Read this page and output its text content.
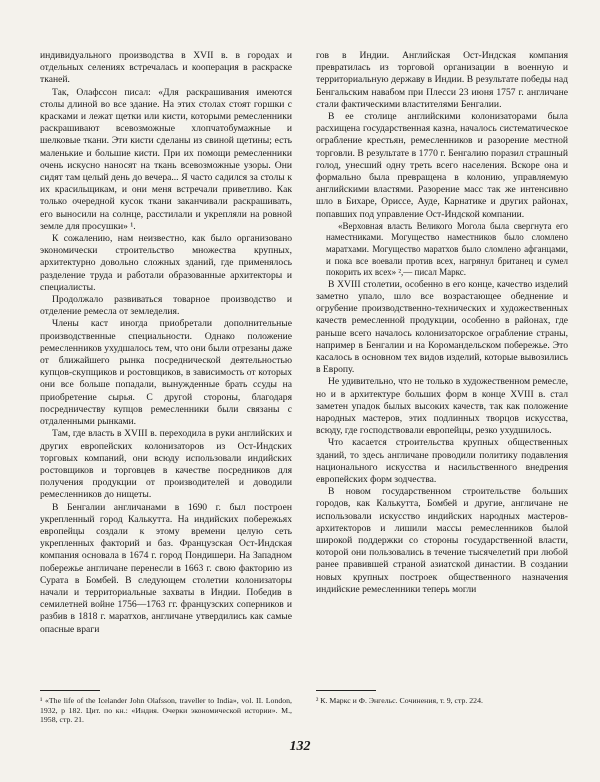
индивидуального производства в XVII в. в городах и отдельных селениях встречалась и кооперация в раскраске тканей.

Так, Олафссон писал: «Для раскрашивания имеются столы длиной во все здание. На этих столах стоят горшки с красками и лежат щетки или кисти, которыми ремесленники раскрашивают всевозможные хлопчатобумажные и шелковые ткани. Эти кисти сделаны из свиной щетины; есть маленькие и большие кисти. При их помощи ремесленники очень искусно наносят на ткань всевозможные узоры. Они сидят там целый день до вечера... Я часто садился за столы к их красильщикам, и они меня встречали приветливо. Как только очередной кусок ткани заканчивали раскрашивать, его выносили на солнце, расстилали и укрепляли на ровной земле для просушки» ¹.

К сожалению, нам неизвестно, как было организовано экономически строительство множества крупных, архитектурно довольно сложных зданий, где применялось разделение труда и работали образованные архитекторы и специалисты.

Продолжало развиваться товарное производство и отделение ремесла от земледелия.

Члены каст иногда приобретали дополнительные производственные специальности. Однако положение ремесленников ухудшалось тем, что они были отрезаны даже от ближайшего рынка посреднической деятельностью купцов-скупщиков и ростовщиков, в зависимость от которых они все больше попадали, вынужденные брать ссуды на приобретение сырья. С другой стороны, благодаря посредничеству купцов ремесленники были связаны с отдаленными рынками.

Там, где власть в XVIII в. переходила в руки английских и других европейских колонизаторов из Ост-Индских торговых компаний, они всюду использовали индийских ростовщиков и торговцев в качестве посредников для получения продукции от производителей и доводили ремесленников до нищеты.

В Бенгалии англичанами в 1690 г. был построен укрепленный город Калькутта. На индийских побережьях европейцы создали к этому времени целую сеть укрепленных факторий и баз. Французская Ост-Индская компания основала в 1674 г. город Пондишери. На Западном побережье англичане перенесли в 1663 г. свою факторию из Сурата в Бомбей. В следующем столетии колонизаторы начали и территориальные захваты в Индии. Победив в семилетней войне 1756—1763 гг. французских соперников и разбив в 1818 г. маратхов, англичане утвердились как самые опасные враги

гов в Индии. Английская Ост-Индская компания превратилась из торговой организации в военную и территориальную державу в Индии. В результате победы над Бенгальским навабом при Плесси 23 июня 1757 г. англичане стали фактическими властителями Бенгалии.

В ее столице английскими колонизаторами была расхищена государственная казна, началось систематическое ограбление крестьян, ремесленников и разорение местной торговли. В результате в 1770 г. Бенгалию поразил страшный голод, унесший одну треть всего населения. Вскоре она и формально была превращена в колонию, управляемую английскими властями. Разорение масс так же интенсивно шло в Бихаре, Ориссе, Ауде, Карнатике и других районах, попавших под управление Ост-Индской компании.

«Верховная власть Великого Могола была свергнута его наместниками. Могущество наместников было сломлено маратхами. Могущество маратхов было сломлено афганцами, и пока все воевали против всех, нагрянул британец и сумел покорить их всех» ²,— писал Маркс.

В XVIII столетии, особенно в его конце, качество изделий заметно упало, шло все возрастающее обеднение и огрубение производственно-технических и художественных качеств ремесленной продукции, особенно в районах, где раньше всего началось колонизаторское ограбление страны, например в Бенгалии и на Коромандельском побережье. Это касалось в основном тех видов изделий, которые вывозились в Европу.

Не удивительно, что не только в художественном ремесле, но и в архитектуре больших форм в конце XVIII в. стал заметен упадок былых высоких качеств, так как положение народных мастеров, этих подлинных творцов искусства, всюду, где господствовали европейцы, резко ухудшилось.

Что касается строительства крупных общественных зданий, то здесь англичане проводили политику подавления национального искусства и насильственного внедрения европейских форм зодчества.

В новом государственном строительстве больших городов, как Калькутта, Бомбей и другие, англичане не использовали искусство индийских народных мастеров-архитекторов и лишили массы ремесленников былой широкой поддержки со стороны государственной власти, которой они пользовались в течение тысячелетий при любой ранее правившей страной азиатской династии. В создании новых крупных построек общественного назначения индийские ремесленники теперь могли

¹ «The life of the Icelander John Olafsson, traveller to India», vol. II. London, 1932, p 182. Цит. по кн.: «Индия. Очерки экономической истории». М., 1958, стр. 21.
² К. Маркс и Ф. Энгельс. Сочинения, т. 9, стр. 224.
132
